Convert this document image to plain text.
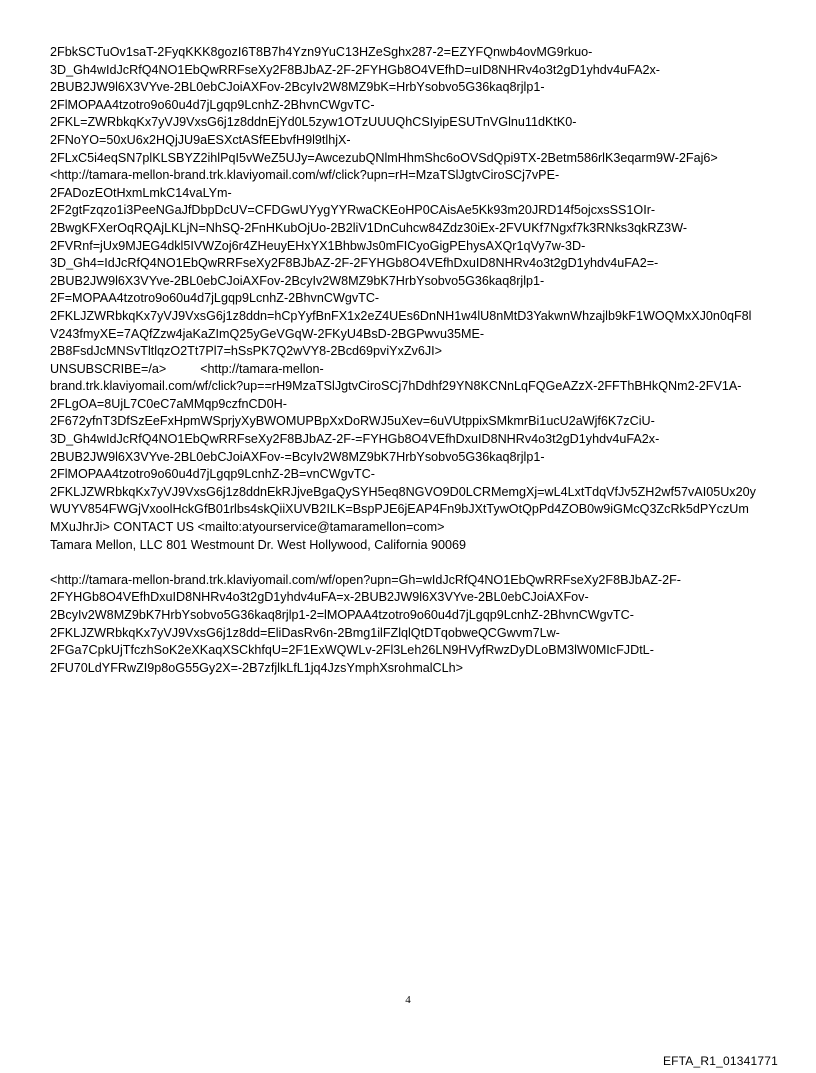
2FbkSCTuOv1saT-2FyqKKK8gozI6T8B7h4Yzn9YuC13HZeSghx287-2=EZYFQnwb4ovMG9rkuo-
3D_Gh4wIdJcRfQ4NO1EbQwRRFseXy2F8BJbAZ-2F-2FYHGb8O4VEfhD=uID8NHRv4o3t2gD1yhdv4uFA2x-
2BUB2JW9l6X3VYve-2BL0ebCJoiAXFov-2BcyIv2W8MZ9bK=HrbYsobvo5G36kaq8rjlp1-
2FlMOPAA4tzotro9o60u4d7jLgqp9LcnhZ-2BhvnCWgvTC-
2FKL=ZWRbkqKx7yVJ9VxsG6j1z8ddnEjYd0L5zyw1OTzUUUQhCSIyipESUTnVGlnu11dKtK0-
2FNoYO=50xU6x2HQjJU9aESXctASfEEbvfH9l9tlhjX-
2FLxC5i4eqSN7plKLSBYZ2ihlPqI5vWeZ5UJy=AwcezubQNlmHhmShc6oOVSdQpi9TX-2Betm586rlK3eqarm9W-2Faj6>
<http://tamara-mellon-brand.trk.klaviyomail.com/wf/click?upn=rH=MzaTSlJgtvCiroSCj7vPE-
2FADozEOtHxmLmkC14vaLYm-
2F2gtFzqzo1i3PeeNGaJfDbpDcUV=CFDGwUYygYYRwaCKEoHP0CAisAe5Kk93m20JRD14f5ojcxsSS1OIr-
2BwgKFXerOqRQAjLKLjN=NhSQ-2FnHKubOjUo-2B2liV1DnCuhcw84Zdz30iEx-2FVUKf7Ngxf7k3RNks3qkRZ3W-
2FVRnf=jUx9MJEG4dkl5IVWZoj6r4ZHeuyEHxYX1BhbwJs0mFICyoGigPEhysAXQr1qVy7w-3D-
3D_Gh4=IdJcRfQ4NO1EbQwRRFseXy2F8BJbAZ-2F-2FYHGb8O4VEfhDxuID8NHRv4o3t2gD1yhdv4uFA2=-
2BUB2JW9l6X3VYve-2BL0ebCJoiAXFov-2BcyIv2W8MZ9bK7HrbYsobvo5G36kaq8rjlp1-
2F=MOPAA4tzotro9o60u4d7jLgqp9LcnhZ-2BhvnCWgvTC-
2FKLJZWRbkqKx7yVJ9VxsG6j1z8ddn=hCpYyfBnFX1x2eZ4UEs6DnNH1w4lU8nMtD3YakwnWhzajlb9kF1WOQMxXJ0n0qF8l
V243fmyXE=7AQfZzw4jaKaZImQ25yGeVGqW-2FKyU4BsD-2BGPwvu35ME-
2B8FsdJcMNSvTltlqzO2Tt7Pl7=hSsPK7Q2wVY8-2Bcd69pviYxZv6JI>
UNSUBSCRIBE=/a>	<http://tamara-mellon-
brand.trk.klaviyomail.com/wf/click?up==rH9MzaTSlJgtvCiroSCj7hDdhf29YN8KCNnLqFQGeAZzX-2FFThBHkQNm2-2FV1A-
2FLgOA=8UjL7C0eC7aMMqp9czfnCD0H-
2F672yfnT3DfSzEeFxHpmWSprjyXyBWOMUPBpXxDoRWJ5uXev=6uVUtppixSMkmrBi1ucU2aWjf6K7zCiU-
3D_Gh4wIdJcRfQ4NO1EbQwRRFseXy2F8BJbAZ-2F-=FYHGb8O4VEfhDxuID8NHRv4o3t2gD1yhdv4uFA2x-
2BUB2JW9l6X3VYve-2BL0ebCJoiAXFov-=BcyIv2W8MZ9bK7HrbYsobvo5G36kaq8rjlp1-
2FlMOPAA4tzotro9o60u4d7jLgqp9LcnhZ-2B=vnCWgvTC-
2FKLJZWRbkqKx7yVJ9VxsG6j1z8ddnEkRJjveBgaQySYH5eq8NGVO9D0LCRMemgXj=wL4LxtTdqVfJv5ZH2wf57vAI05Ux20y
WUYV854FWGjVxoolHckGfB01rlbs4skQiiXUVB2ILK=BspPJE6jEAP4Fn9bJXtTywOtQpPd4ZOB0w9iGMcQ3ZcRk5dPYczUm
MXuJhrJi> CONTACT US <mailto:atyourservice@tamaramellon=com>
Tamara Mellon, LLC 801 Westmount Dr. West Hollywood, California 90069
<http://tamara-mellon-brand.trk.klaviyomail.com/wf/open?upn=Gh=wIdJcRfQ4NO1EbQwRRFseXy2F8BJbAZ-2F-
2FYHGb8O4VEfhDxuID8NHRv4o3t2gD1yhdv4uFA=x-2BUB2JW9l6X3VYve-2BL0ebCJoiAXFov-
2BcyIv2W8MZ9bK7HrbYsobvo5G36kaq8rjlp1-2=lMOPAA4tzotro9o60u4d7jLgqp9LcnhZ-2BhvnCWgvTC-
2FKLJZWRbkqKx7yVJ9VxsG6j1z8dd=EliDasRv6n-2Bmg1ilFZlqlQtDTqobweQCGwvm7Lw-
2FGa7CpkUjTfczhSoK2eXKaqXSCkhfqU=2F1ExWQWLv-2Fl3Leh26LN9HVyfRwzDyDLoBM3lW0MIcFJDtL-
2FU70LdYFRwZI9p8oG55Gy2X=-2B7zfjlkLfL1jq4JzsYmphXsrohmalCLh>
4
EFTA_R1_01341771
